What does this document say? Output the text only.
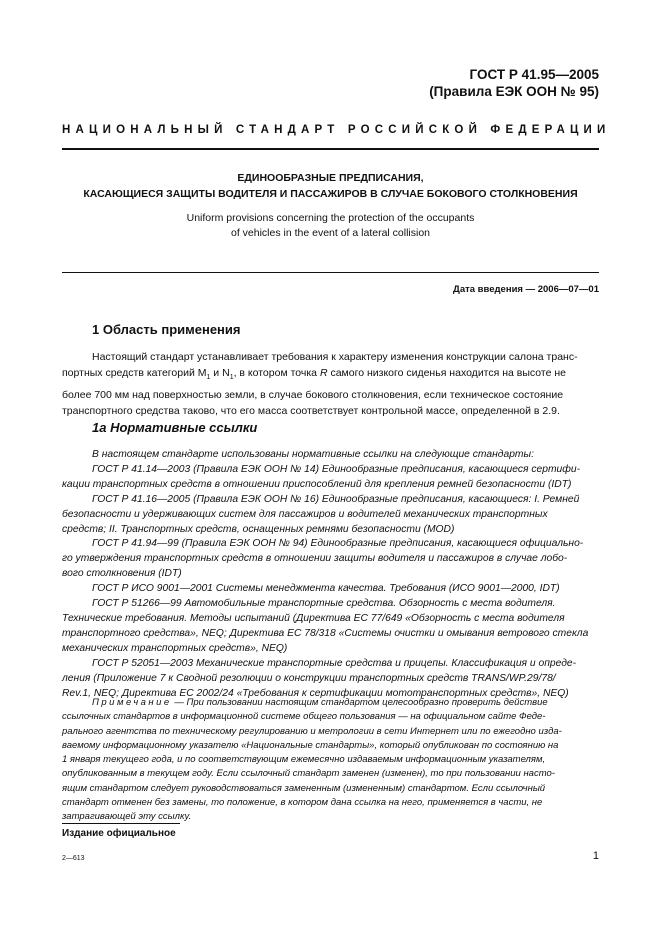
ГОСТ Р 41.95—2005
(Правила ЕЭК ООН № 95)
НАЦИОНАЛЬНЫЙ СТАНДАРТ РОССИЙСКОЙ ФЕДЕРАЦИИ
ЕДИНООБРАЗНЫЕ ПРЕДПИСАНИЯ,
КАСАЮЩИЕСЯ ЗАЩИТЫ ВОДИТЕЛЯ И ПАССАЖИРОВ В СЛУЧАЕ БОКОВОГО СТОЛКНОВЕНИЯ
Uniform provisions concerning the protection of the occupants
of vehicles in the event of a lateral collision
Дата введения — 2006—07—01
1 Область применения
Настоящий стандарт устанавливает требования к характеру изменения конструкции салона транс-
портных средств категорий $M_1$ и $N_1$, в котором точка R самого низкого сиденья находится на высоте не
более 700 мм над поверхностью земли, в случае бокового столкновения, если техническое состояние
транспортного средства таково, что его масса соответствует контрольной массе, определенной в 2.9.
1a Нормативные ссылки
В настоящем стандарте использованы нормативные ссылки на следующие стандарты:
ГОСТ Р 41.14—2003 (Правила ЕЭК ООН № 14) Единообразные предписания, касающиеся сертифи-
кации транспортных средств в отношении приспособлений для крепления ремней безопасности (IDT)
ГОСТ Р 41.16—2005 (Правила ЕЭК ООН № 16) Единообразные предписания, касающиеся: I. Ремней
безопасности и удерживающих систем для пассажиров и водителей механических транспортных
средств; II. Транспортных средств, оснащенных ремнями безопасности (MOD)
ГОСТ Р 41.94—99 (Правила ЕЭК ООН № 94) Единообразные предписания, касающиеся официально-
го утверждения транспортных средств в отношении защиты водителя и пассажиров в случае лобо-
вого столкновения (IDT)
ГОСТ Р ИСО 9001—2001 Системы менеджмента качества. Требования (ИСО 9001—2000, IDT)
ГОСТ Р 51266—99 Автомобильные транспортные средства. Обзорность с места водителя.
Технические требования. Методы испытаний (Директива ЕС 77/649 «Обзорность с места водителя
транспортного средства», NEQ; Директива ЕС 78/318 «Системы очистки и омывания ветрового стекла
механических транспортных средств», NEQ)
ГОСТ Р 52051—2003 Механические транспортные средства и прицепы. Классификация и опреде-
ления (Приложение 7 к Сводной резолюции о конструкции транспортных средств TRANS/WP.29/78/
Rev.1, NEQ; Директива ЕС 2002/24 «Требования к сертификации мототранспортных средств», NEQ)
Примечание — При пользовании настоящим стандартом целесообразно проверить действие
ссылочных стандартов в информационной системе общего пользования — на официальном сайте Феде-
рального агентства по техническому регулированию и метрологии в сети Интернет или по ежегодно изда-
ваемому информационному указателю «Национальные стандарты», который опубликован по состоянию на
1 января текущего года, и по соответствующим ежемесячно издаваемым информационным указателям,
опубликованным в текущем году. Если ссылочный стандарт заменен (изменен), то при пользовании насто-
ящим стандартом следует руководствоваться замененным (измененным) стандартом. Если ссылочный
стандарт отменен без замены, то положение, в котором дана ссылка на него, применяется в части, не
затрагивающей эту ссылку.
Издание официальное
2—613	1
